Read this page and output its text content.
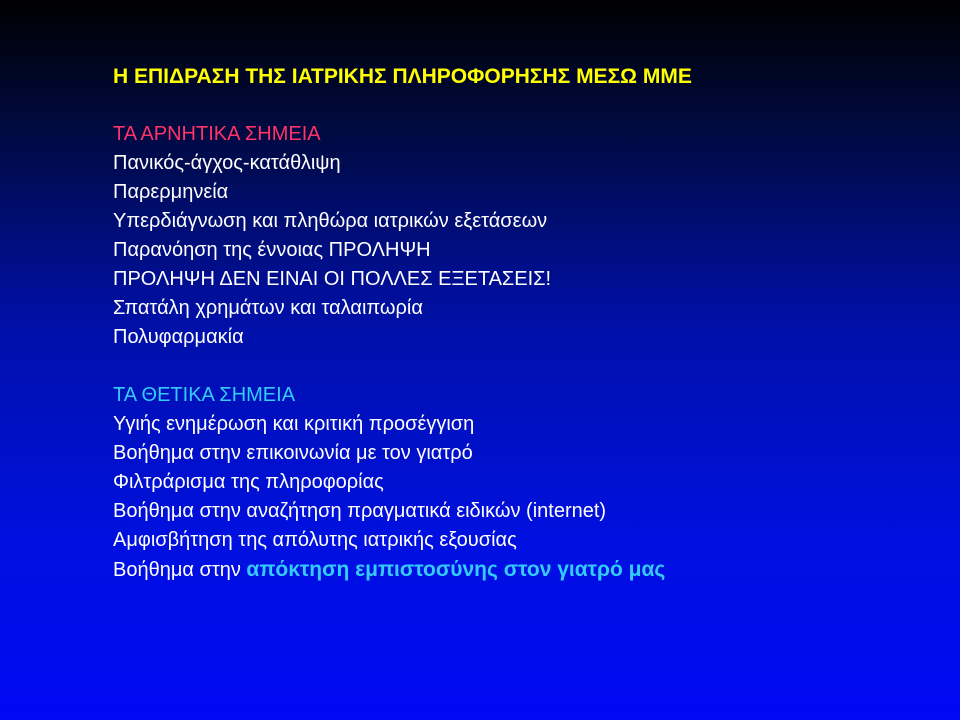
Η ΕΠΙΔΡΑΣΗ ΤΗΣ ΙΑΤΡΙΚΗΣ ΠΛΗΡΟΦΟΡΗΣΗΣ ΜΕΣΩ ΜΜΕ
ΤΑ ΑΡΝΗΤΙΚΑ ΣΗΜΕΙΑ
Πανικός-άγχος-κατάθλιψη
Παρερμηνεία
Υπερδιάγνωση και πληθώρα ιατρικών εξετάσεων
Παρανόηση της έννοιας ΠΡΟΛΗΨΗ
ΠΡΟΛΗΨΗ ΔΕΝ ΕΙΝΑΙ ΟΙ ΠΟΛΛΕΣ ΕΞΕΤΑΣΕΙΣ!
Σπατάλη χρημάτων και ταλαιπωρία
Πολυφαρμακία
ΤΑ ΘΕΤΙΚΑ ΣΗΜΕΙΑ
Υγιής ενημέρωση και κριτική προσέγγιση
Βοήθημα στην επικοινωνία με τον γιατρό
Φιλτράρισμα της πληροφορίας
Βοήθημα στην αναζήτηση πραγματικά ειδικών (internet)
Αμφισβήτηση της απόλυτης ιατρικής εξουσίας
Βοήθημα στην απόκτηση εμπιστοσύνης στον γιατρό μας
